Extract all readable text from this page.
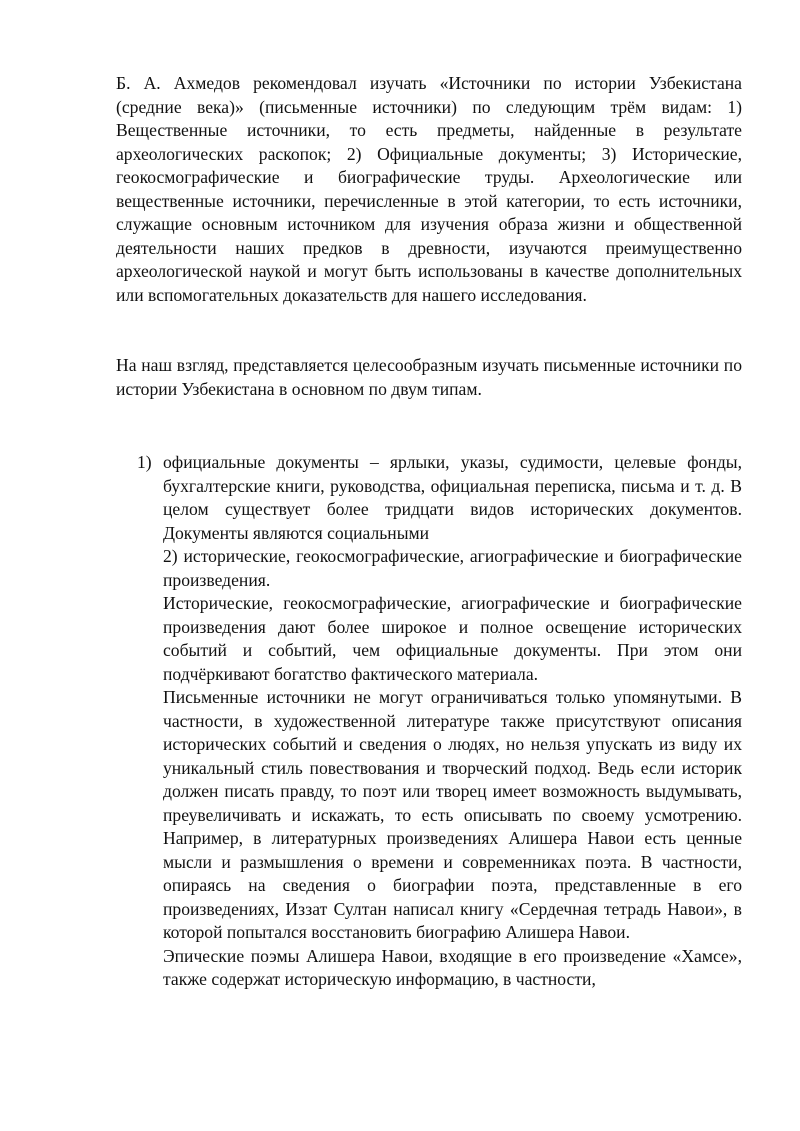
Б. А. Ахмедов рекомендовал изучать «Источники по истории Узбекистана (средние века)» (письменные источники) по следующим трём видам: 1) Вещественные источники, то есть предметы, найденные в результате археологических раскопок; 2) Официальные документы; 3) Исторические, геокосмографические и биографические труды. Археологические или вещественные источники, перечисленные в этой категории, то есть источники, служащие основным источником для изучения образа жизни и общественной деятельности наших предков в древности, изучаются преимущественно археологической наукой и могут быть использованы в качестве дополнительных или вспомогательных доказательств для нашего исследования.

На наш взгляд, представляется целесообразным изучать письменные источники по истории Узбекистана в основном по двум типам.

1) официальные документы – ярлыки, указы, судимости, целевые фонды, бухгалтерские книги, руководства, официальная переписка, письма и т. д. В целом существует более тридцати видов исторических документов. Документы являются социальными

2) исторические, геокосмографические, агиографические и биографические произведения.

Исторические, геокосмографические, агиографические и биографические произведения дают более широкое и полное освещение исторических событий и событий, чем официальные документы. При этом они подчёркивают богатство фактического материала.

Письменные источники не могут ограничиваться только упомянутыми. В частности, в художественной литературе также присутствуют описания исторических событий и сведения о людях, но нельзя упускать из виду их уникальный стиль повествования и творческий подход. Ведь если историк должен писать правду, то поэт или творец имеет возможность выдумывать, преувеличивать и искажать, то есть описывать по своему усмотрению. Например, в литературных произведениях Алишера Навои есть ценные мысли и размышления о времени и современниках поэта. В частности, опираясь на сведения о биографии поэта, представленные в его произведениях, Иззат Султан написал книгу «Сердечная тетрадь Навои», в которой попытался восстановить биографию Алишера Навои.

Эпические поэмы Алишера Навои, входящие в его произведение «Хамсе», также содержат историческую информацию, в частности,
